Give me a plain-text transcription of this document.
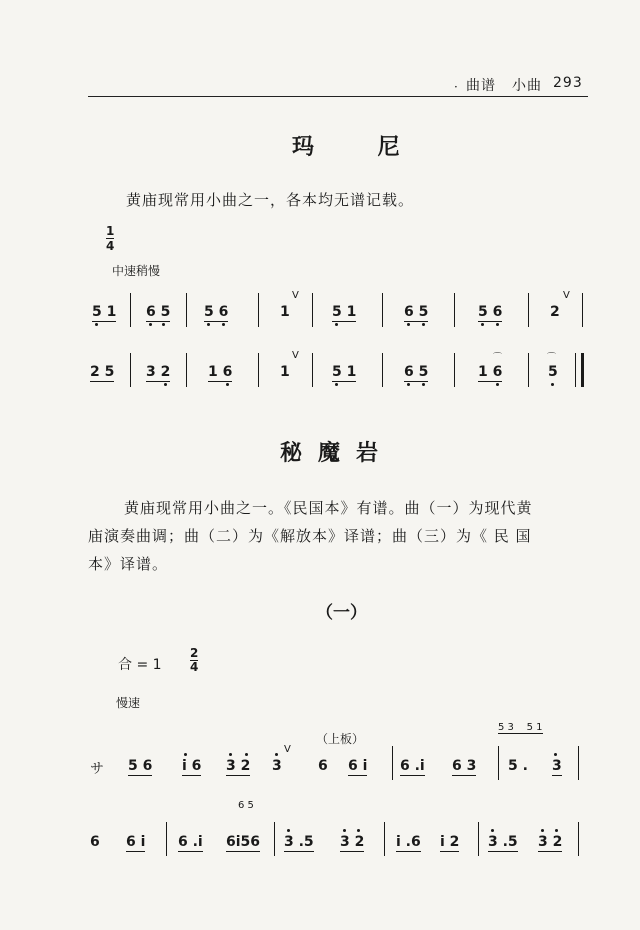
· 曲谱 小曲 293
玛 尼
黄庙现常用小曲之一，各本均无谱记载。
1
4
中速稍慢
5 1 6 5 5 6	1
V
5 1	6 5	5 6	2
V
2 5 3 2	1 6	1
V
5 1	6 5
⌒
1 6
⌒
5
秘魔岩
黄庙现常用小曲之一。《民国本》有谱。曲（一）为现代黄
庙演奏曲调；曲（二）为《解放本》译谱；曲（三）为《 民 国
本》译谱。
（一）
合 = 1
2
4
慢速
（上板）
5 3    5 1
サ 5 6 i 6 3 2 3
V
6 6 i 6 .i 6 3 5 . 3
6 5
6 6 i 6 .i 6i56 3 .5 3 2 i .6 i 2 3 .5 3 2
